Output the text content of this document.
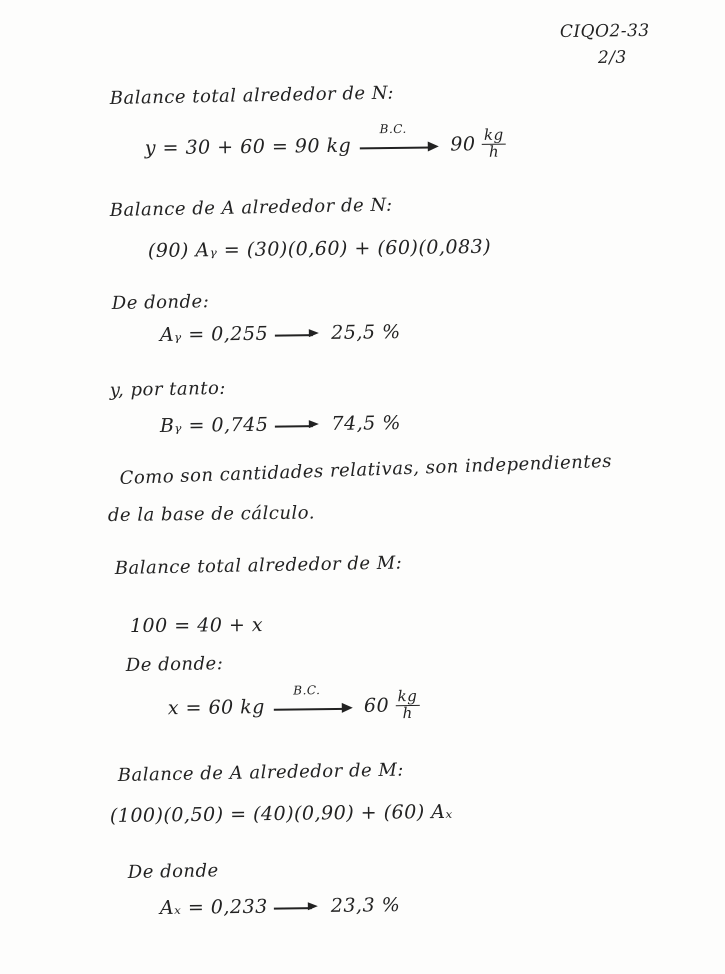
CIQO2-33
2/3
Balance total alrededor de N:
y = 30 + 60 = 90 kg
B.C.
$90 \frac{kg}{h}$
Balance de A alrededor de N:
(90) Aᵧ = (30)(0,60) + (60)(0,083)
De donde:
Aᵧ = 0,255	25,5 %
y, por tanto:
Bᵧ = 0,745	74,5 %
Como son cantidades relativas, son independientes
de la base de cálculo.
Balance total alrededor de M:
100 = 40 + x
De donde:
x = 60 kg
B.C.
$60 \frac{kg}{h}$
Balance de A alrededor de M:
(100)(0,50) = (40)(0,90) + (60) Aₓ
De donde
Aₓ = 0,233	23,3 %
